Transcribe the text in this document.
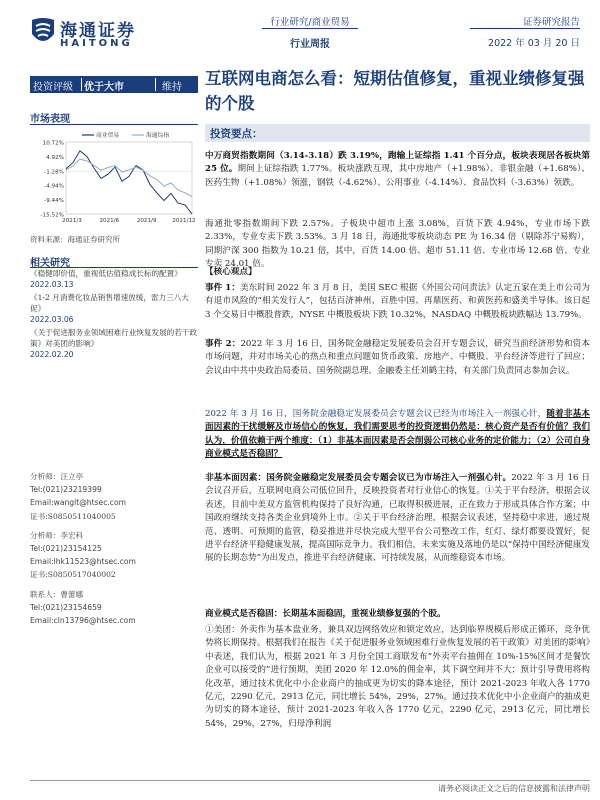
海通证券
HAITONG
行业研究/商业贸易
行业周报
证券研究报告
2022 年 03 月 20 日
投资评级 优于大市	维持
市场表现
10.72%
4.92%
-1.28%
-4.94%
-9.44%
-15.52%
2021/3	2021/6	2021/9	2021/12
商业贸易	海通综指
资料来源：海通证券研究所
相关研究
《稳健即价值，重视低估值稳成长标的配置》
2022.03.13
《1-2 月消费化妆品销售增速放缓，雷力三八大促》
2022.03.06
《关于促进服务业领域困难行业恢复发展的若干政策》对美团的影响》
2022.02.20
分析师：汪立亭
Tel:(021)23219399
Email:wanglt@htsec.com
证书:S0850511040005
分析师：李宏科
Tel:(021)23154125
Email:lhk11523@htsec.com
证书:S0850517040002
联系人：曹蕾娜
Tel:(021)23154659
Email:cln13796@htsec.com
互联网电商怎么看：短期估值修复，重视业绩修复强的个股
投资要点：
中万商贸指数期间（3.14-3.18）跌 3.19%，跑输上证综指 1.41 个百分点，板块表现居各板块第 25 位。期间上证综指跌 1.77%。板块涨跌互现，其中房地产（+1.98%）、非银金融（+1.68%）、医药生物（+1.08%）领涨，钢铁（-4.62%）、公用事业（-4.14%）、食品饮料（-3.63%）领跌。
海通批零指数期间下跌 2.57%。子板块中超市上涨 3.08%，百货下跌 4.94%，专业市场下跌 2.33%，专业专卖下跌 3.53%。3 月 18 日，海通批零板块动态 PE 为 16.34 倍（剔除苏宁易购），同期沪深 300 指数为 10.21 倍，其中，百货 14.00 倍、超市 51.11 倍、专业市场 12.68 倍、专业专卖 24.01 倍。
【核心观点】
事件 1：美东时间 2022 年 3 月 8 日，美国 SEC 根据《外国公司问责法》认定五家在美上市公司为有退市风险的“相关发行人”，包括百济神州、百胜中国、再鼎医药、和黄医药和盛美半导体。该日起 3 个交易日中概股普跌，NYSE 中概股板块下跌 10.32%，NASDAQ 中概股板块跌幅达 13.79%。
事件 2：2022 年 3 月 16 日，国务院金融稳定发展委员会召开专题会议，研究当前经济形势和资本市场问题，并对市场关心的热点和重点问题如货币政策、房地产、中概股、平台经济等进行了回应；会议由中共中央政治局委员、国务院副总理、金融委主任刘鹤主持，有关部门负责同志参加会议。
2022 年 3 月 16 日，国务院金融稳定发展委员会专题会议已经为市场注入一剂强心针，随着非基本面因素的干扰缓解及市场信心的恢复，我们需要思考的投资逻辑仍然是：核心资产是否有价值？我们认为，价值依赖于两个维度：（1）非基本面因素是否会削弱公司核心业务的定价能力；（2）公司自身商业模式是否稳固？
非基本面因素：国务院金融稳定发展委员会专题会议已为市场注入一剂强心针。2022 年 3 月 16 日会议召开后，互联网电商公司低位回升，反映投资者对行业信心的恢复。①关于平台经济，根据会议表述，目前中美双方监管机构保持了良好沟通，已取得积极进展，正在致力于形成具体合作方案；中国政府继续支持各类企业到境外上市。②关于平台经济治理，根据会议表述，坚持稳中求进，通过规范、透明、可预期的监管，稳妥推进并尽快完成大型平台公司整改工作，红灯、绿灯都要设置好，促进平台经济平稳健康发展，提高国际竞争力。我们相信，未来实施及落地仍是以“保持中国经济健康发展的长期态势”为出发点，推进平台经济健康、可持续发展，从而维稳资本市场。
商业模式是否稳固：长期基本面稳固，重视业绩修复强的个股。
①美团：外卖作为基本盘业务，兼具双边网络效应和锁定效应，达到临界规模后形成正循环，竞争优势将长期保持。根据我们在报告《关于促进服务业领域困难行业恢复发展的若干政策》对美团的影响》中表述，我们认为，根据 2021 年 3 月份全国工商联发布“外卖平台抽佣在 10%-15%区间才是餐饮企业可以接受的”进行预期，美团 2020 年 12.0%的佣金率，其下调空间并不大；预计引导费用将构化改革，通过技术优化中小企业商户的抽成更为切实的降本途径，预计 2021-2023 年收入各 1770 亿元，2290 亿元，2913 亿元，同比增长 54%，29%，27%。通过技术优化中小企业商户的抽成更为切实的降本途径，预计 2021-2023 年收入各 1770 亿元，2290 亿元，2913 亿元，同比增长 54%，29%，27%，归母净利润
请务必阅读正文之后的信息披露和法律声明
